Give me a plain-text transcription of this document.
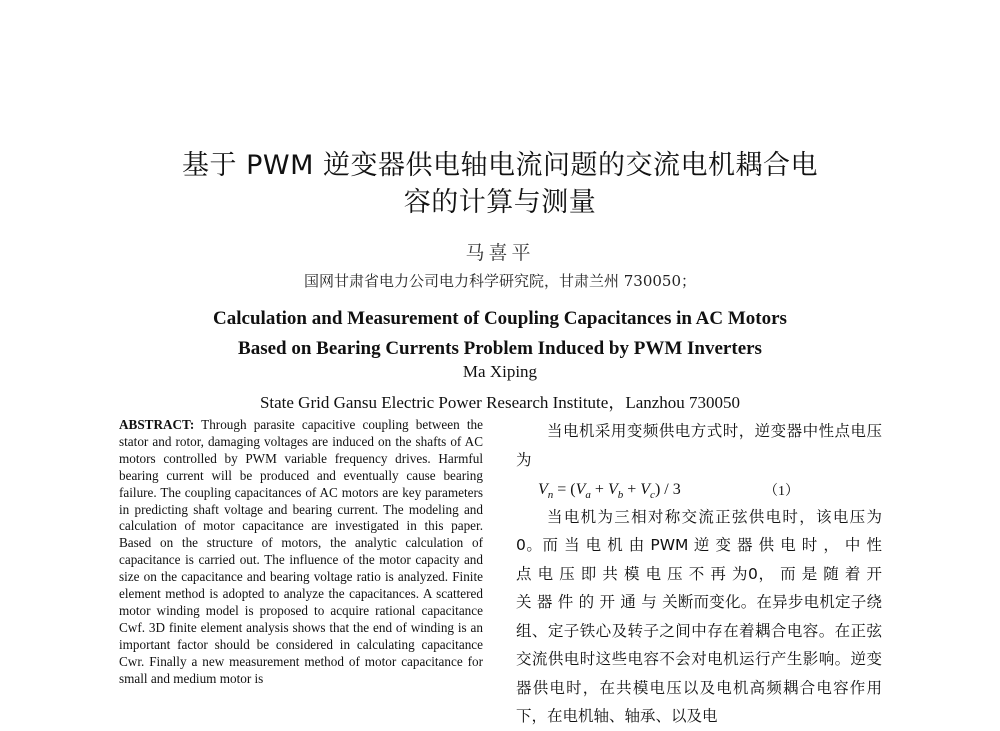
基于 PWM 逆变器供电轴电流问题的交流电机耦合电
容的计算与测量
马喜平
国网甘肃省电力公司电力科学研究院，甘肃兰州 730050；
Calculation and Measurement of Coupling Capacitances in AC Motors
Based on Bearing Currents Problem Induced by PWM Inverters
Ma Xiping
State Grid Gansu Electric Power Research Institute，Lanzhou 730050
ABSTRACT: Through parasite capacitive coupling between the stator and rotor, damaging voltages are induced on the shafts of AC motors controlled by PWM variable frequency drives. Harmful bearing current will be produced and eventually cause bearing failure. The coupling capacitances of AC motors are key parameters in predicting shaft voltage and bearing current. The modeling and calculation of motor capacitance are investigated in this paper. Based on the structure of motors, the analytic calculation of capacitance is carried out. The influence of the motor capacity and size on the capacitance and bearing voltage ratio is analyzed. Finite element method is adopted to analyze the capacitances. A scattered motor winding model is proposed to acquire rational capacitance Cwf. 3D finite element analysis shows that the end of winding is an important factor should be considered in calculating capacitance Cwr. Finally a new measurement method of motor capacitance for small and medium motor is

当电机采用变频供电方式时，逆变器中性点电压为

$V_n = (V_a + V_b + V_c) / 3$	（1）

当电机为三相对称交流正弦供电时，该电压为0。而 当 电 机 由 PWM 逆 变 器 供 电 时 ， 中 性 点 电 压 即 共 模 电 压 不 再 为0， 而 是 随 着 开 关 器 件 的 开 通 与 关断而变化。在异步电机定子绕组、定子铁心及转子之间中存在着耦合电容。在正弦交流供电时这些电容不会对电机运行产生影响。逆变器供电时，在共模电压以及电机高频耦合电容作用下，在电机轴、轴承、以及电
